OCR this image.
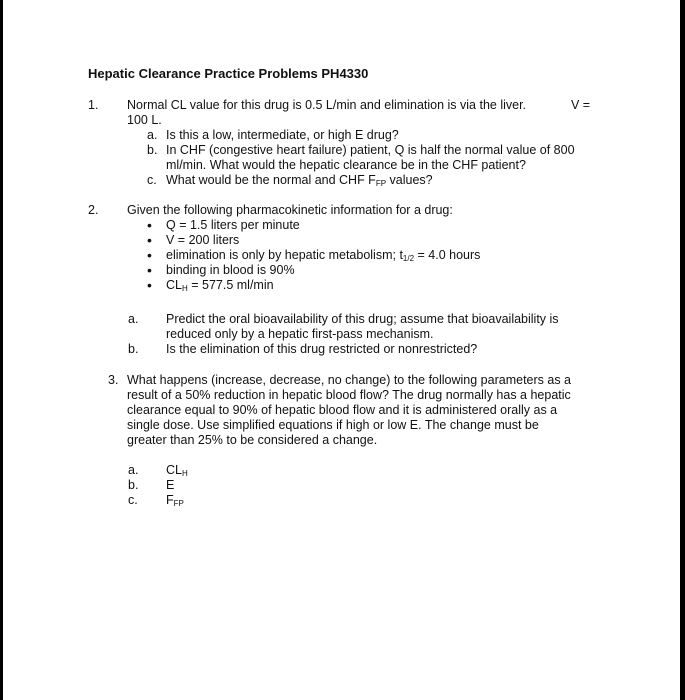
Hepatic Clearance Practice Problems PH4330
1. Normal CL value for this drug is 0.5 L/min and elimination is via the liver.	V =
100 L.
a. Is this a low, intermediate, or high E drug?
b. In CHF (congestive heart failure) patient, Q is half the normal value of 800
ml/min. What would the hepatic clearance be in the CHF patient?
c. What would be the normal and CHF $F_{FP}$ values?
2. Given the following pharmacokinetic information for a drug:
• Q = 1.5 liters per minute
• V = 200 liters
• elimination is only by hepatic metabolism; $t_{1/2} = 4.0$ hours
• binding in blood is 90%
• $CL_H = 577.5$ ml/min
a. Predict the oral bioavailability of this drug; assume that bioavailability is
reduced only by a hepatic first-pass mechanism.
b. Is the elimination of this drug restricted or nonrestricted?
3. What happens (increase, decrease, no change) to the following parameters as a
result of a 50% reduction in hepatic blood flow? The drug normally has a hepatic
clearance equal to 90% of hepatic blood flow and it is administered orally as a
single dose. Use simplified equations if high or low E. The change must be
greater than 25% to be considered a change.
a. $CL_H$
b. E
c. $F_{FP}$
